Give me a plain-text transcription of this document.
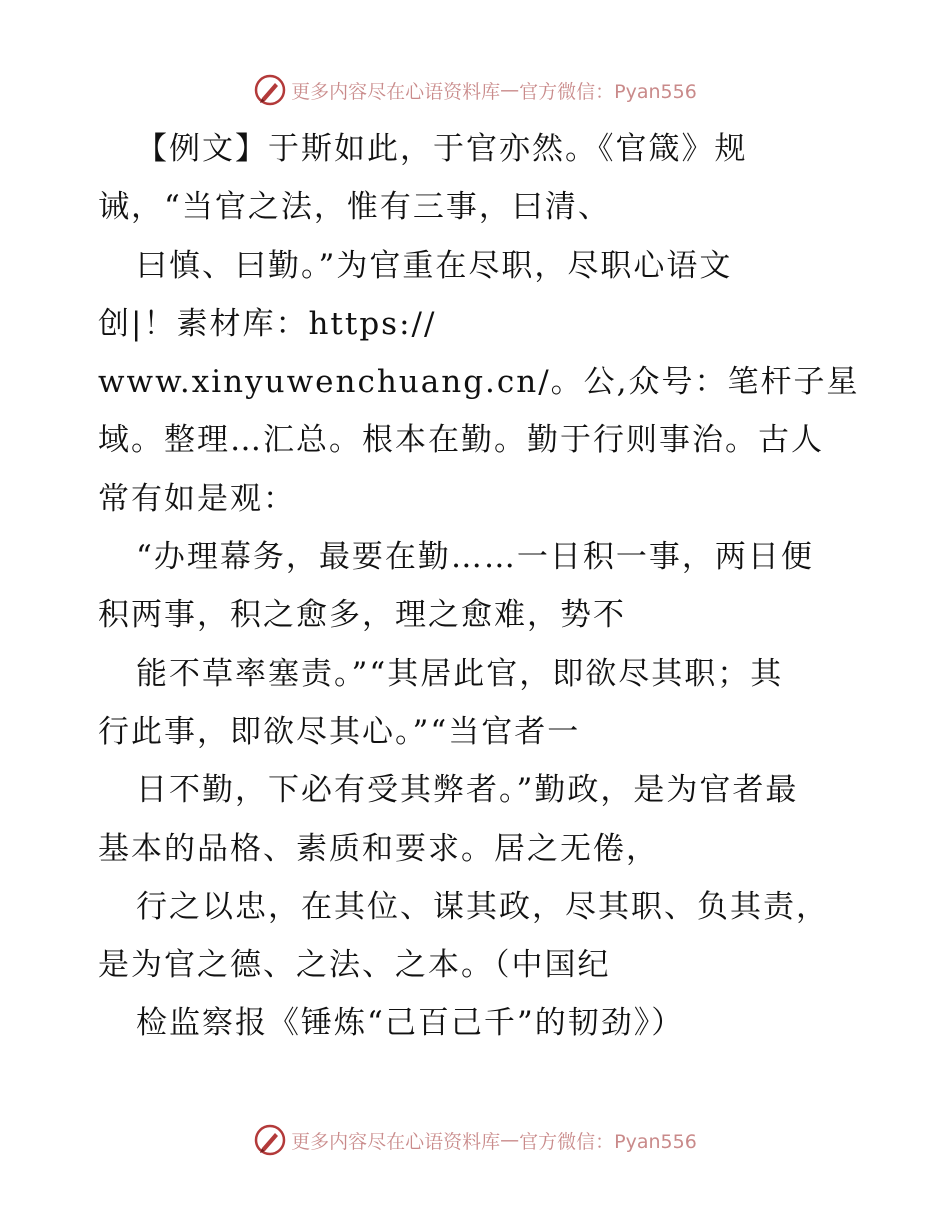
更多内容尽在心语资料库 — 官方微信：Pyan556
【例文】于斯如此，于官亦然。《官箴》规
诫，“当官之法，惟有三事，曰清、
曰慎、曰勤。”为官重在尽职，尽职心语文
创|！素材库：https://
www.xinyuwenchuang.cn/。公,众号：笔杆子星
域。整理…汇总。根本在勤。勤于行则事治。古人
常有如是观：
“办理幕务，最要在勤……一日积一事，两日便
积两事，积之愈多，理之愈难，势不
能不草率塞责。”“其居此官，即欲尽其职；其
行此事，即欲尽其心。”“当官者一
日不勤，下必有受其弊者。”勤政，是为官者最
基本的品格、素质和要求。居之无倦，
行之以忠，在其位、谋其政，尽其职、负其责，
是为官之德、之法、之本。（中国纪
检监察报《锤炼“己百己千”的韧劲》）
更多内容尽在心语资料库 — 官方微信：Pyan556
